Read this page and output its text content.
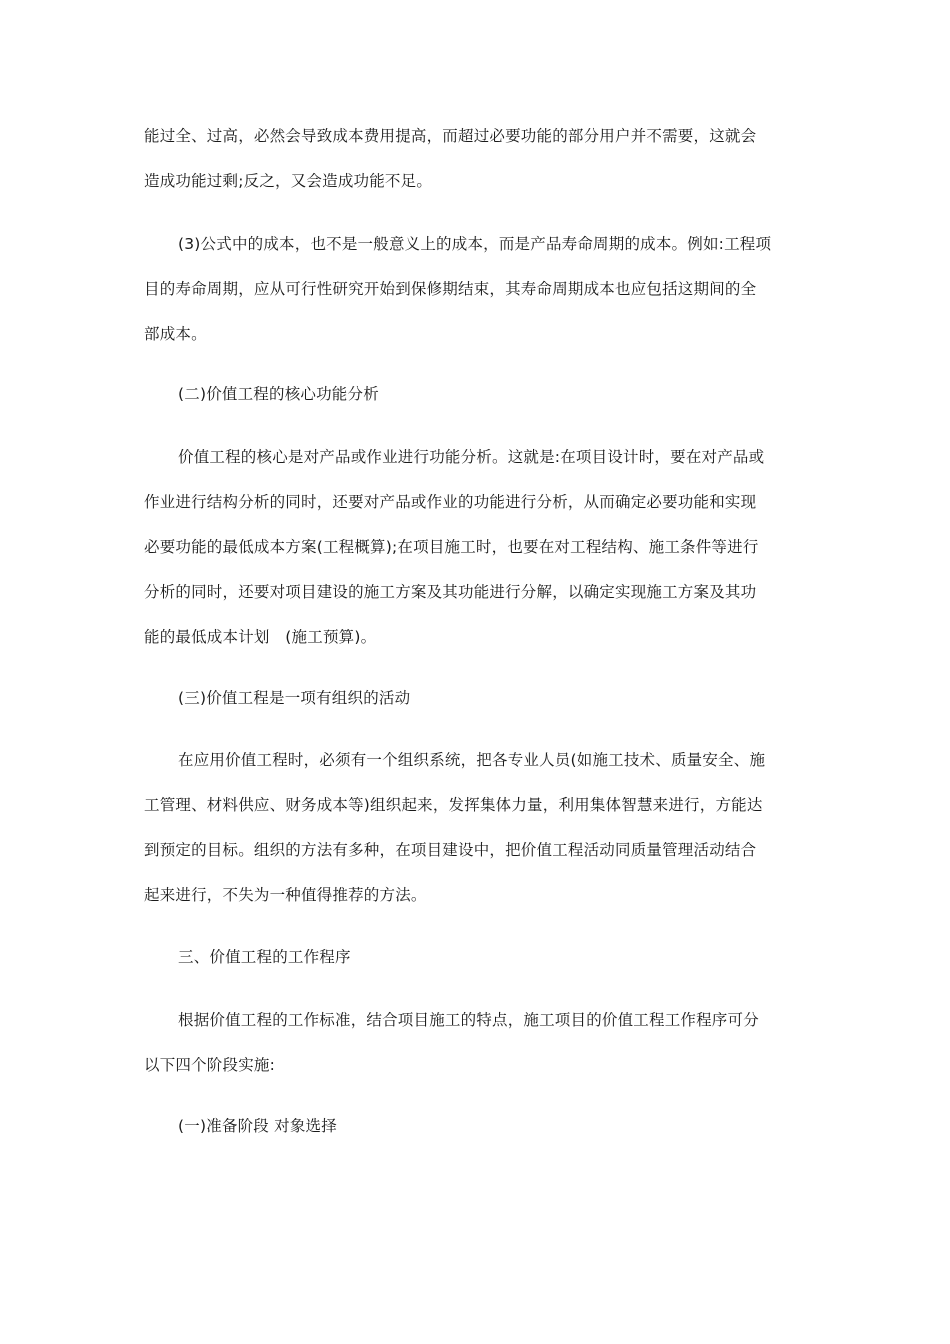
能过全、过高，必然会导致成本费用提高，而超过必要功能的部分用户并不需要，这就会
造成功能过剩;反之，又会造成功能不足。

(3)公式中的成本，也不是一般意义上的成本，而是产品寿命周期的成本。例如:工程项
目的寿命周期，应从可行性研究开始到保修期结束，其寿命周期成本也应包括这期间的全
部成本。

(二)价值工程的核心功能分析

价值工程的核心是对产品或作业进行功能分析。这就是:在项目设计时，要在对产品或
作业进行结构分析的同时，还要对产品或作业的功能进行分析，从而确定必要功能和实现
必要功能的最低成本方案(工程概算);在项目施工时，也要在对工程结构、施工条件等进行
分析的同时，还要对项目建设的施工方案及其功能进行分解，以确定实现施工方案及其功
能的最低成本计划　(施工预算)。

(三)价值工程是一项有组织的活动

在应用价值工程时，必须有一个组织系统，把各专业人员(如施工技术、质量安全、施
工管理、材料供应、财务成本等)组织起来，发挥集体力量，利用集体智慧来进行，方能达
到预定的目标。组织的方法有多种，在项目建设中，把价值工程活动同质量管理活动结合
起来进行，不失为一种值得推荐的方法。

三、价值工程的工作程序

根据价值工程的工作标准，结合项目施工的特点，施工项目的价值工程工作程序可分
以下四个阶段实施:

(一)准备阶段 对象选择
